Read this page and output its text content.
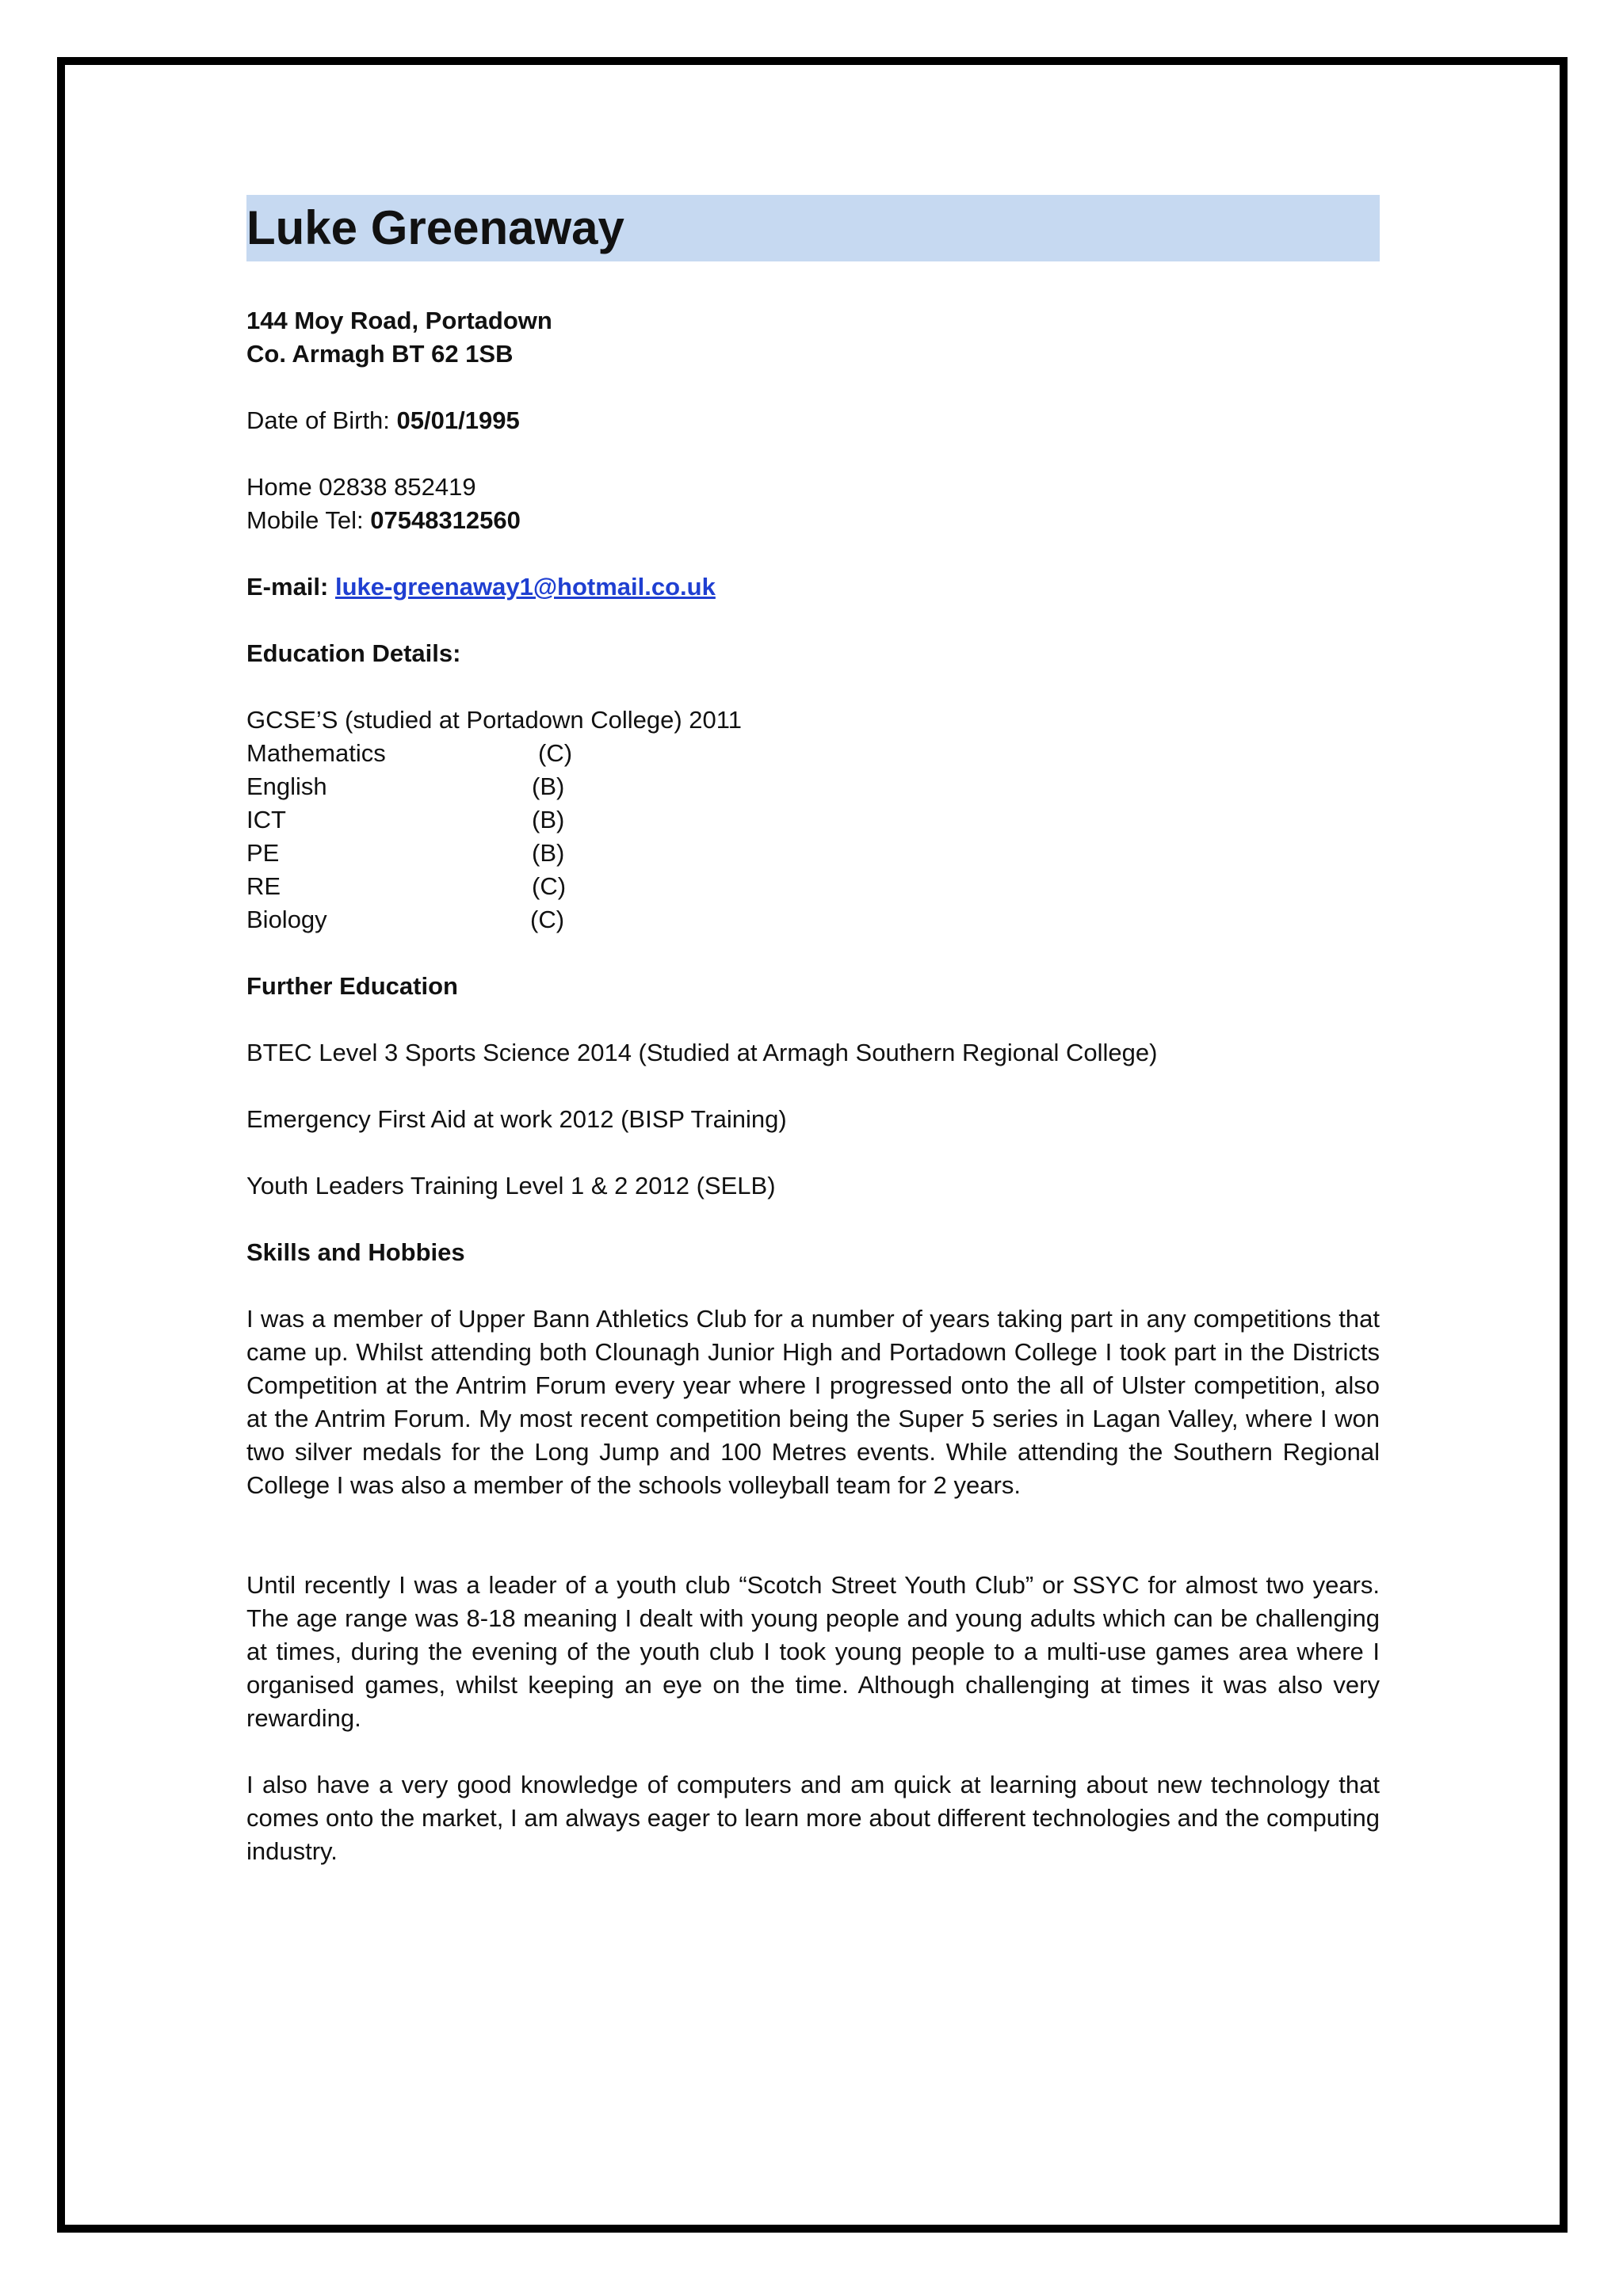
Luke Greenaway
144 Moy Road, Portadown
Co. Armagh BT 62 1SB
Date of Birth: 05/01/1995
Home 02838 852419
Mobile Tel: 07548312560
E-mail: luke-greenaway1@hotmail.co.uk
Education Details:
GCSE’S (studied at Portadown College) 2011
Mathematics	(C)
English	(B)
ICT	(B)
PE	(B)
RE	(C)
Biology	(C)
Further Education
BTEC Level 3 Sports Science 2014 (Studied at Armagh Southern Regional College)
Emergency First Aid at work 2012 (BISP Training)
Youth Leaders Training Level 1 & 2 2012 (SELB)
Skills and Hobbies
I was a member of Upper Bann Athletics Club for a number of years taking part in any competitions that came up. Whilst attending both Clounagh Junior High and Portadown College I took part in the Districts Competition at the Antrim Forum every year where I progressed onto the all of Ulster competition, also at the Antrim Forum. My most recent competition being the Super 5 series in Lagan Valley, where I won two silver medals for the Long Jump and 100 Metres events. While attending the Southern Regional College I was also a member of the schools volleyball team for 2 years.
Until recently I was a leader of a youth club “Scotch Street Youth Club” or SSYC for almost two years. The age range was 8-18 meaning I dealt with young people and young adults which can be challenging at times, during the evening of the youth club I took young people to a multi-use games area where I organised games, whilst keeping an eye on the time. Although challenging at times it was also very rewarding.
I also have a very good knowledge of computers and am quick at learning about new technology that comes onto the market, I am always eager to learn more about different technologies and the computing industry.
